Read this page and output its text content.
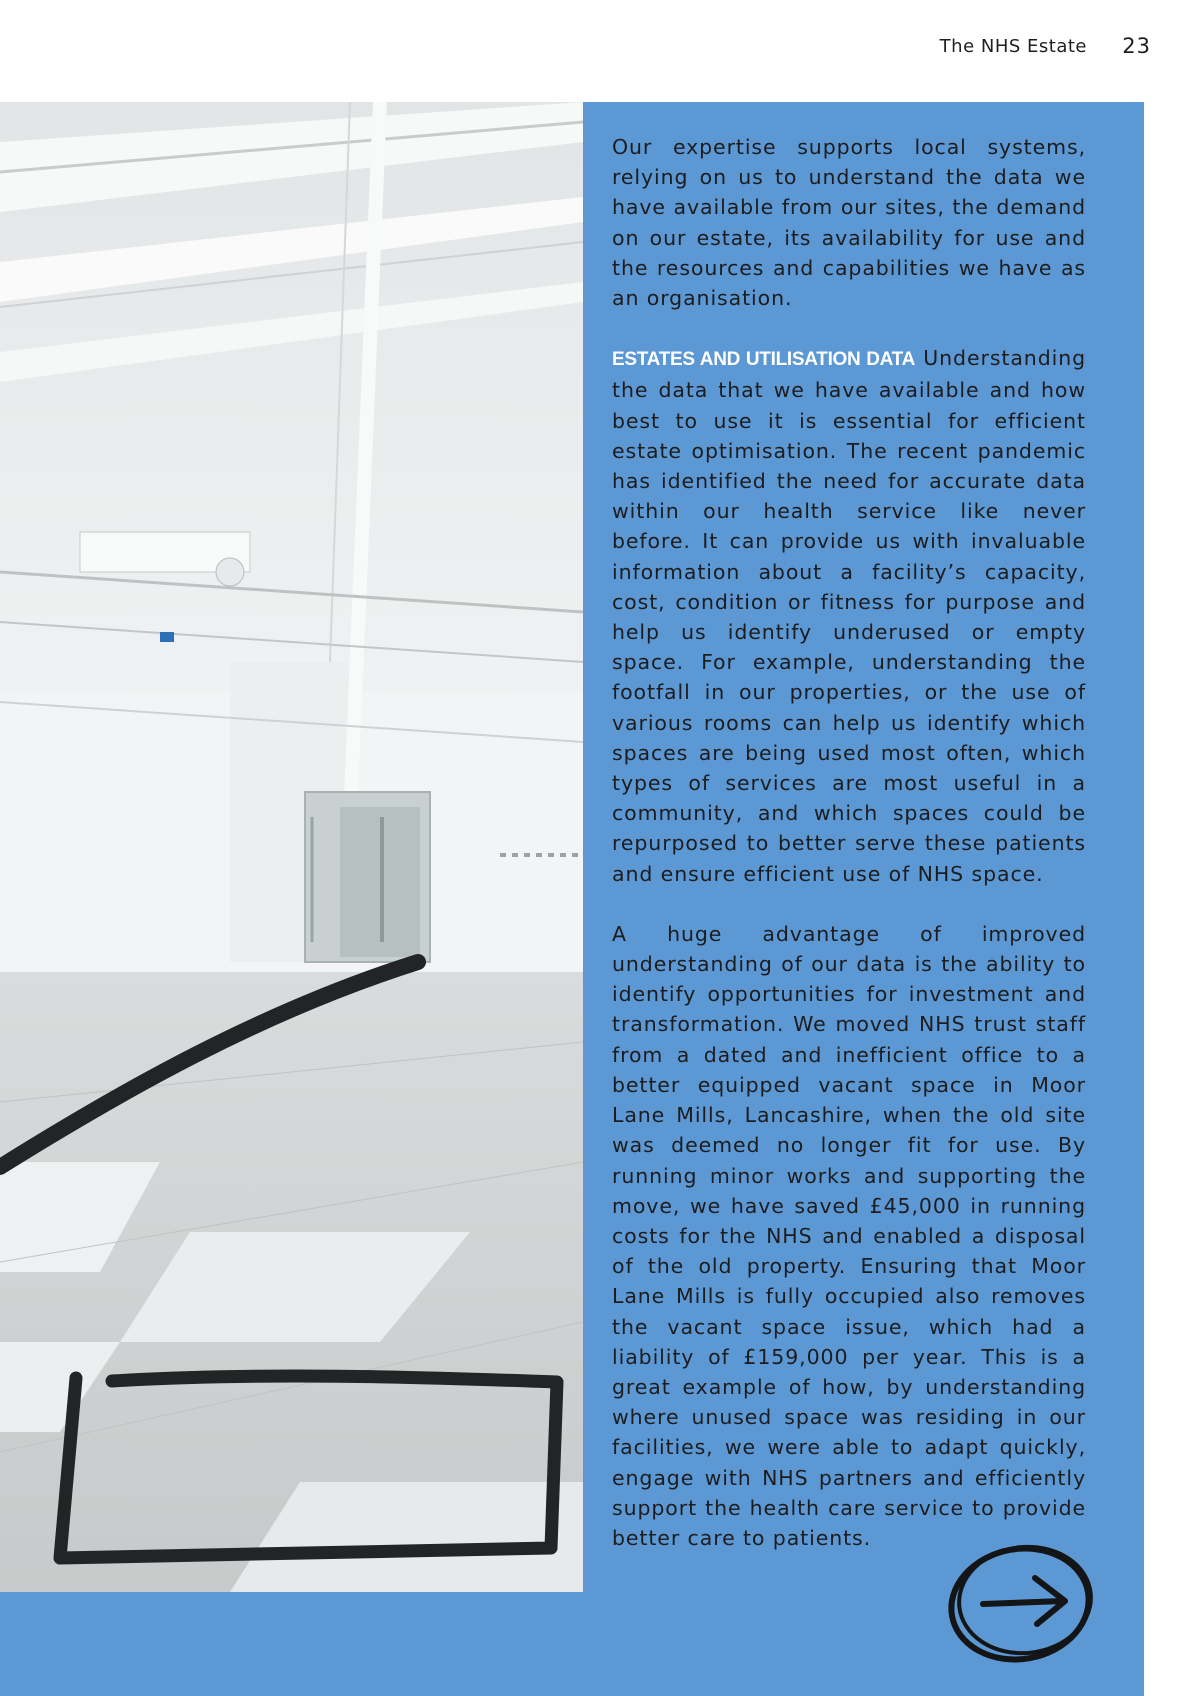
The NHS Estate 23

Our expertise supports local systems, relying on us to understand the data we have available from our sites, the demand on our estate, its availability for use and the resources and capabilities we have as an organisation.

ESTATES AND UTILISATION DATA Understanding the data that we have available and how best to use it is essential for efficient estate optimisation. The recent pandemic has identified the need for accurate data within our health service like never before. It can provide us with invaluable information about a facility’s capacity, cost, condition or fitness for purpose and help us identify underused or empty space. For example, understanding the footfall in our properties, or the use of various rooms can help us identify which spaces are being used most often, which types of services are most useful in a community, and which spaces could be repurposed to better serve these patients and ensure efficient use of NHS space.

A huge advantage of improved understanding of our data is the ability to identify opportunities for investment and transformation. We moved NHS trust staff from a dated and inefficient office to a better equipped vacant space in Moor Lane Mills, Lancashire, when the old site was deemed no longer fit for use. By running minor works and supporting the move, we have saved £45,000 in running costs for the NHS and enabled a disposal of the old property. Ensuring that Moor Lane Mills is fully occupied also removes the vacant space issue, which had a liability of £159,000 per year. This is a great example of how, by understanding where unused space was residing in our facilities, we were able to adapt quickly, engage with NHS partners and efficiently support the health care service to provide better care to patients.
